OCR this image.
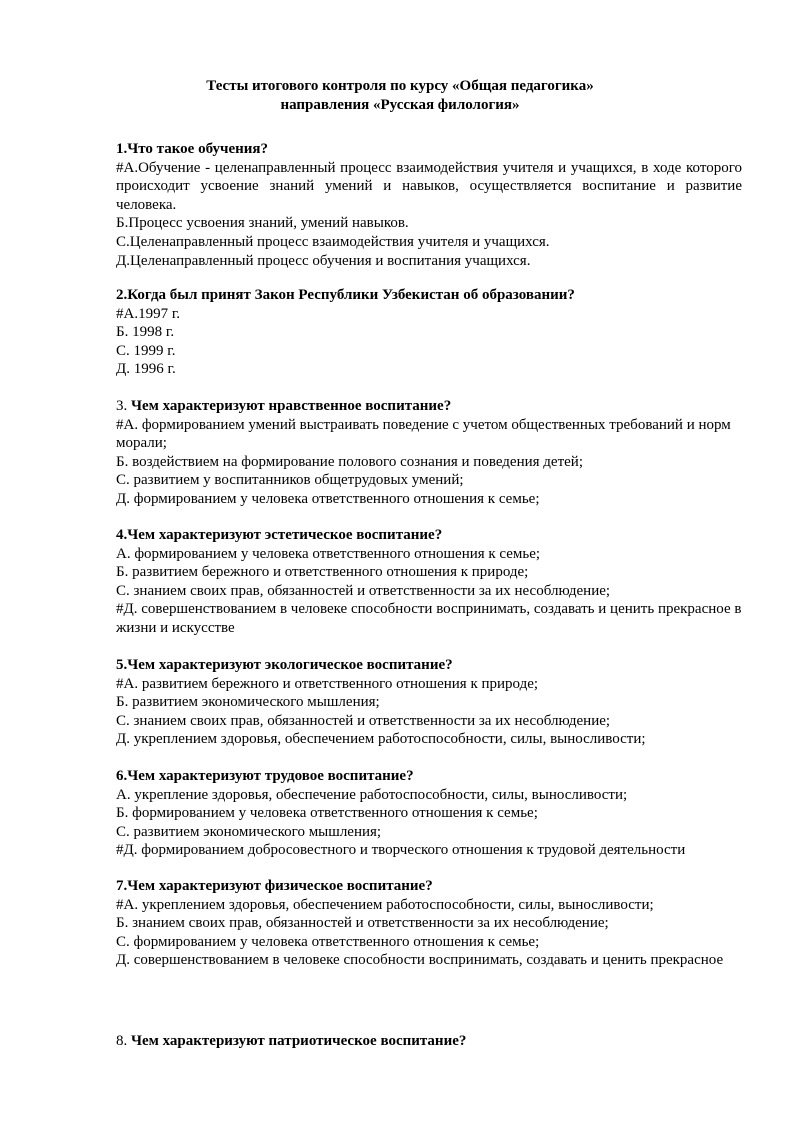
Тесты итогового контроля по курсу «Общая педагогика»
направления «Русская филология»
1.Что такое обучения?
#А.Обучение - целенаправленный процесс взаимодействия учителя и учащихся, в ходе которого происходит усвоение знаний умений и навыков, осуществляется воспитание и развитие человека.
Б.Процесс усвоения знаний, умений навыков.
С.Целенаправленный процесс взаимодействия учителя и учащихся.
Д.Целенаправленный процесс обучения и воспитания учащихся.
2.Когда был принят Закон Республики Узбекистан об образовании?
#А.1997 г.
Б. 1998 г.
С. 1999 г.
Д. 1996 г.
3. Чем характеризуют нравственное воспитание?
#А. формированием умений выстраивать поведение с учетом общественных требований и норм морали;
Б. воздействием на формирование полового сознания и поведения детей;
С. развитием у воспитанников общетрудовых умений;
Д. формированием у человека ответственного отношения к семье;
4.Чем характеризуют эстетическое воспитание?
А. формированием у человека ответственного отношения к семье;
Б. развитием бережного и ответственного отношения к природе;
С. знанием своих прав, обязанностей и ответственности за их несоблюдение;
#Д. совершенствованием в человеке способности воспринимать, создавать и ценить прекрасное в жизни и искусстве
5.Чем характеризуют экологическое воспитание?
#А. развитием бережного и ответственного отношения к природе;
Б. развитием экономического мышления;
С. знанием своих прав, обязанностей и ответственности за их несоблюдение;
Д. укреплением здоровья, обеспечением работоспособности, силы, выносливости;
6.Чем характеризуют трудовое воспитание?
А. укрепление здоровья, обеспечение работоспособности, силы, выносливости;
Б. формированием у человека ответственного отношения к семье;
С. развитием экономического мышления;
#Д. формированием добросовестного и творческого отношения к трудовой деятельности
7.Чем характеризуют физическое воспитание?
#А. укреплением здоровья, обеспечением работоспособности, силы, выносливости;
Б. знанием своих прав, обязанностей и ответственности за их несоблюдение;
С. формированием у человека ответственного отношения к семье;
Д. совершенствованием в человеке способности воспринимать, создавать и ценить прекрасное
8. Чем характеризуют патриотическое воспитание?
